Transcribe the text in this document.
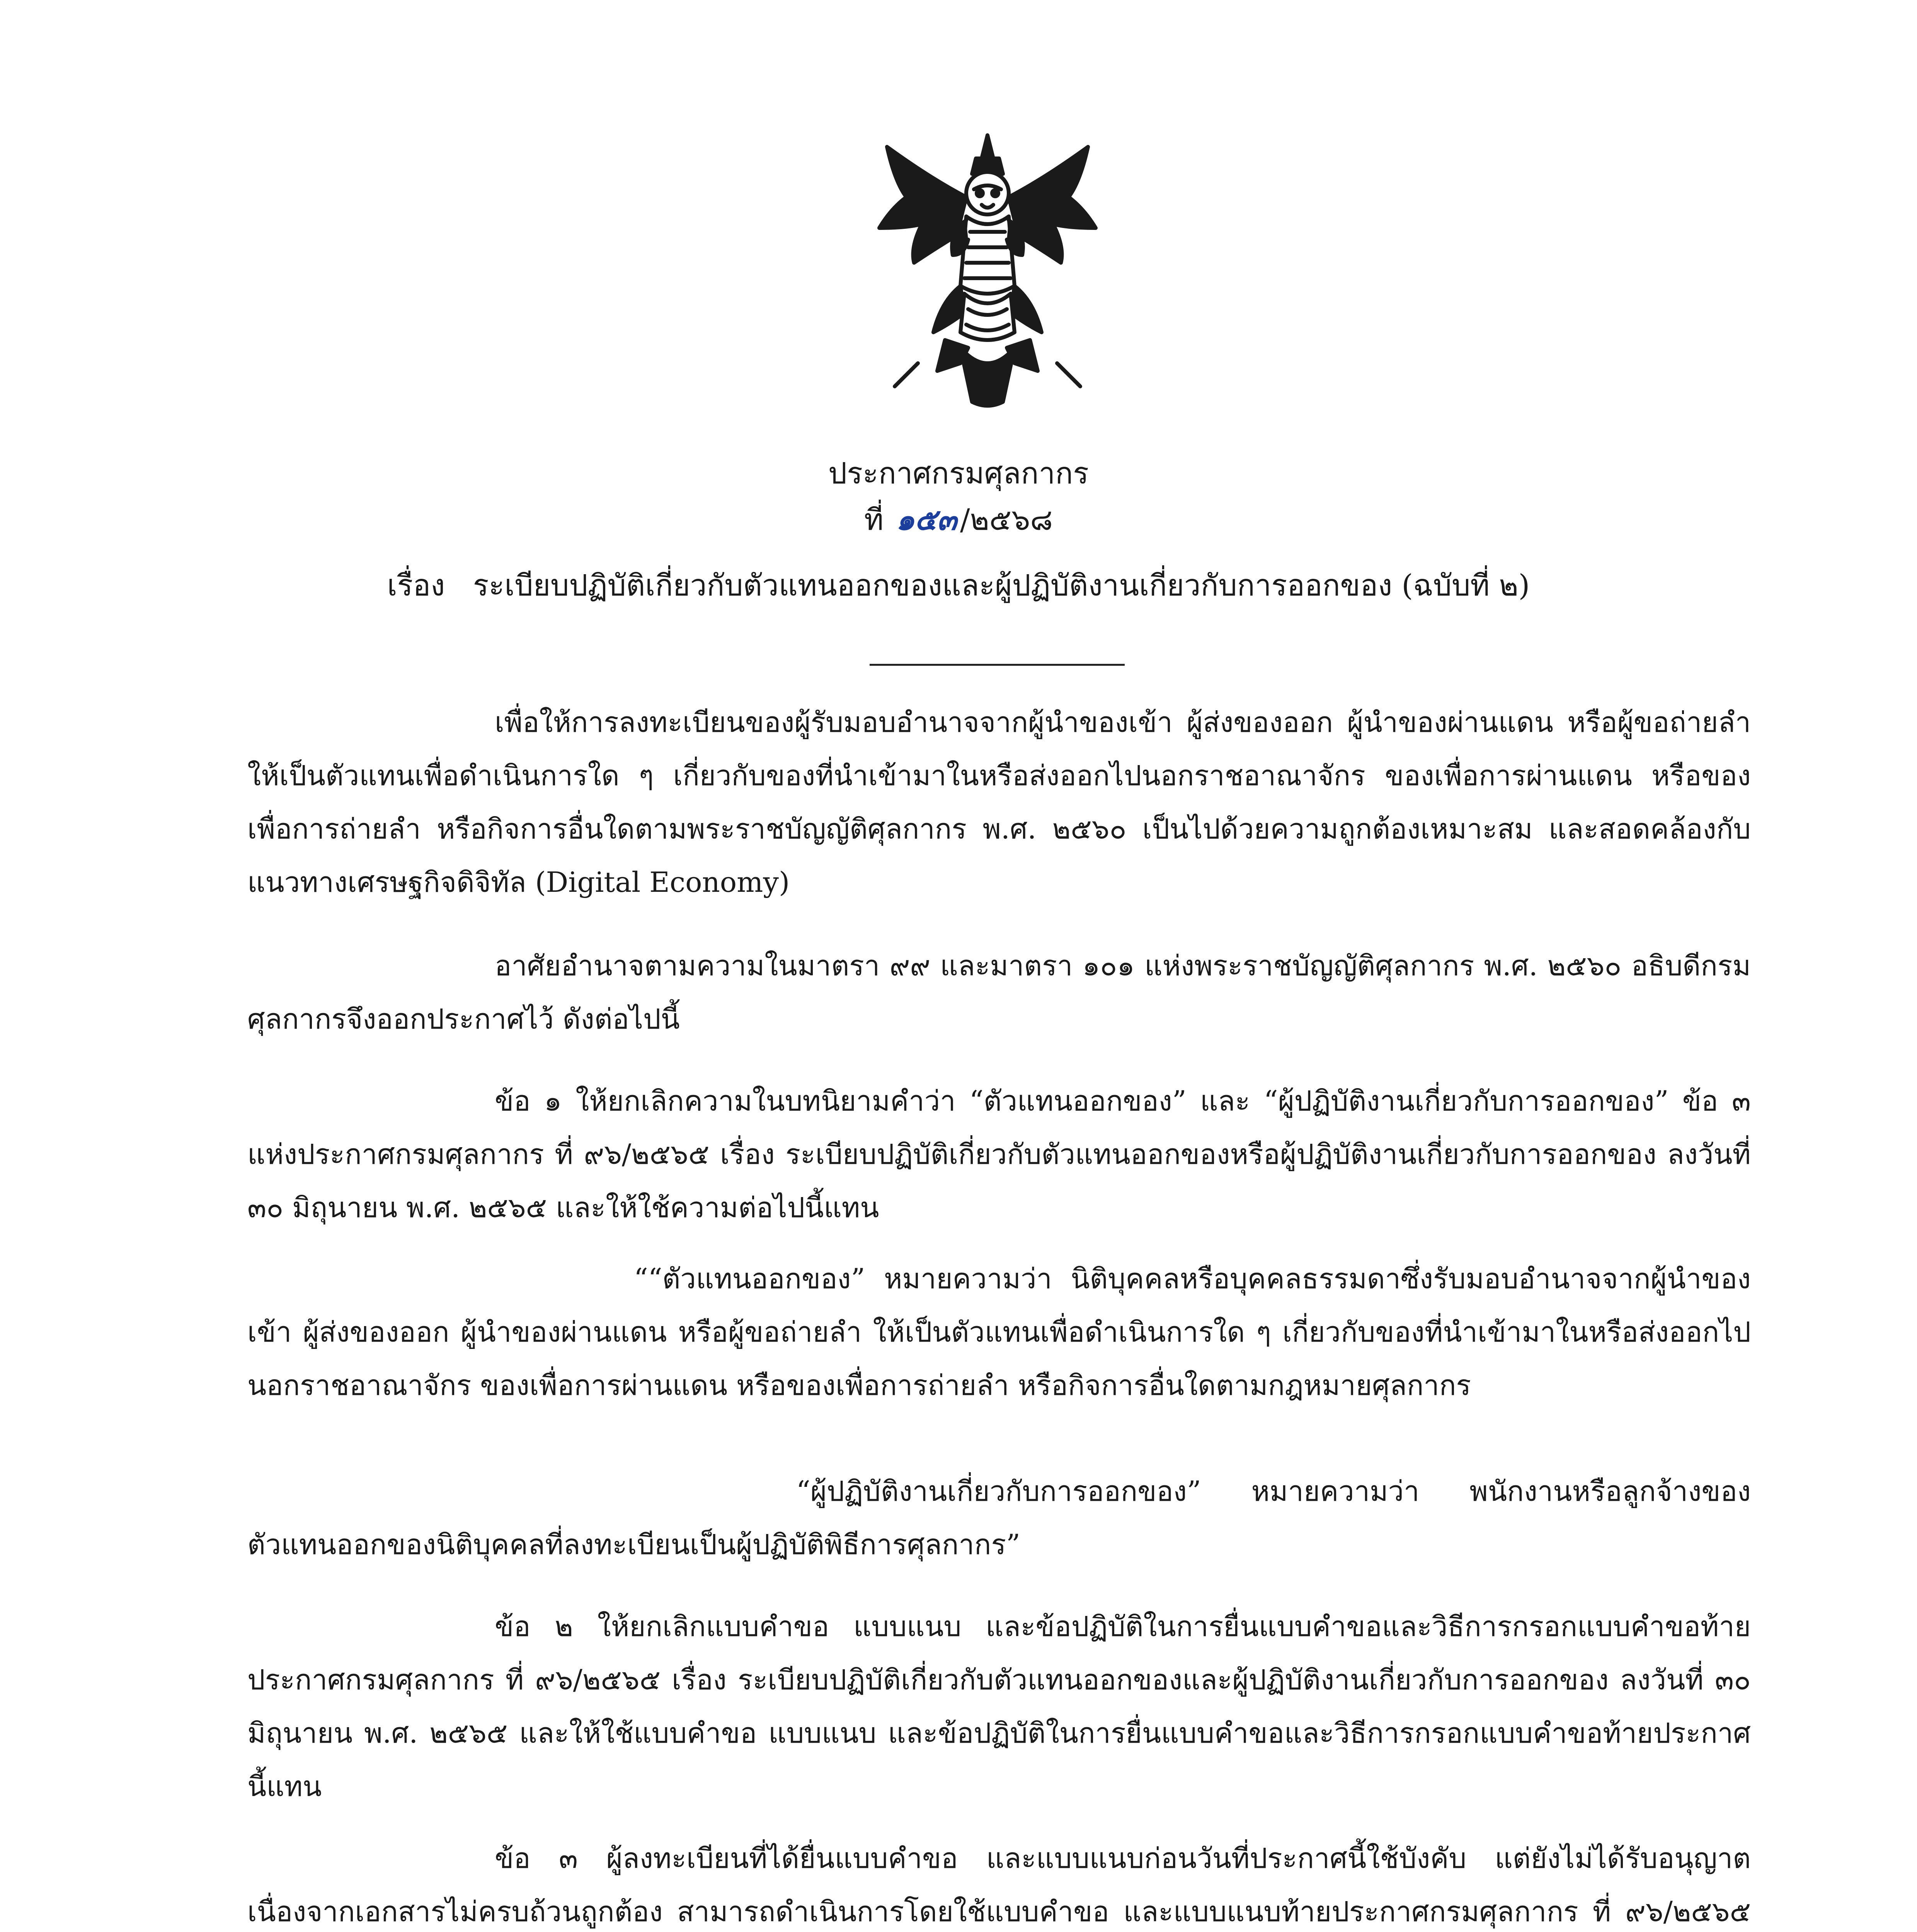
ประกาศกรมศุลกากร
ที่ ๑๕๓ /๒๕๖๘
เรื่อง ระเบียบปฏิบัติเกี่ยวกับตัวแทนออกของและผู้ปฏิบัติงานเกี่ยวกับการออกของ (ฉบับที่ ๒)
เพื่อให้การลงทะเบียนของผู้รับมอบอำนาจจากผู้นำของเข้า ผู้ส่งของออก ผู้นำของผ่านแดน หรือผู้ขอถ่ายลำ ให้เป็นตัวแทนเพื่อดำเนินการใด ๆ เกี่ยวกับของที่นำเข้ามาในหรือส่งออกไปนอกราชอาณาจักร ของเพื่อการผ่านแดน หรือของเพื่อการถ่ายลำ หรือกิจการอื่นใดตามพระราชบัญญัติศุลกากร พ.ศ. ๒๕๖๐ เป็นไปด้วยความถูกต้องเหมาะสม และสอดคล้องกับแนวทางเศรษฐกิจดิจิทัล (Digital Economy)
อาศัยอำนาจตามความในมาตรา ๙๙ และมาตรา ๑๐๑ แห่งพระราชบัญญัติศุลกากร พ.ศ. ๒๕๖๐ อธิบดีกรมศุลกากรจึงออกประกาศไว้ ดังต่อไปนี้
ข้อ ๑ ให้ยกเลิกความในบทนิยามคำว่า “ตัวแทนออกของ” และ “ผู้ปฏิบัติงานเกี่ยวกับการออกของ” ข้อ ๓ แห่งประกาศกรมศุลกากร ที่ ๙๖/๒๕๖๕ เรื่อง ระเบียบปฏิบัติเกี่ยวกับตัวแทนออกของหรือผู้ปฏิบัติงานเกี่ยวกับการออกของ ลงวันที่ ๓๐ มิถุนายน พ.ศ. ๒๕๖๕ และให้ใช้ความต่อไปนี้แทน
““ตัวแทนออกของ” หมายความว่า นิติบุคคลหรือบุคคลธรรมดาซึ่งรับมอบอำนาจจากผู้นำของเข้า ผู้ส่งของออก ผู้นำของผ่านแดน หรือผู้ขอถ่ายลำ ให้เป็นตัวแทนเพื่อดำเนินการใด ๆ เกี่ยวกับของที่นำเข้ามาในหรือส่งออกไปนอกราชอาณาจักร ของเพื่อการผ่านแดน หรือของเพื่อการถ่ายลำ หรือกิจการอื่นใดตามกฎหมายศุลกากร
“ผู้ปฏิบัติงานเกี่ยวกับการออกของ” หมายความว่า พนักงานหรือลูกจ้างของตัวแทนออกของนิติบุคคลที่ลงทะเบียนเป็นผู้ปฏิบัติพิธีการศุลกากร”
ข้อ ๒ ให้ยกเลิกแบบคำขอ แบบแนบ และข้อปฏิบัติในการยื่นแบบคำขอและวิธีการกรอกแบบคำขอท้ายประกาศกรมศุลกากร ที่ ๙๖/๒๕๖๕ เรื่อง ระเบียบปฏิบัติเกี่ยวกับตัวแทนออกของและผู้ปฏิบัติงานเกี่ยวกับการออกของ ลงวันที่ ๓๐ มิถุนายน พ.ศ. ๒๕๖๕ และให้ใช้แบบคำขอ แบบแนบ และข้อปฏิบัติในการยื่นแบบคำขอและวิธีการกรอกแบบคำขอท้ายประกาศนี้แทน
ข้อ ๓ ผู้ลงทะเบียนที่ได้ยื่นแบบคำขอ และแบบแนบก่อนวันที่ประกาศนี้ใช้บังคับ แต่ยังไม่ได้รับอนุญาตเนื่องจากเอกสารไม่ครบถ้วนถูกต้อง สามารถดำเนินการโดยใช้แบบคำขอ และแบบแนบท้ายประกาศกรมศุลกากร ที่ ๙๖/๒๕๖๕
